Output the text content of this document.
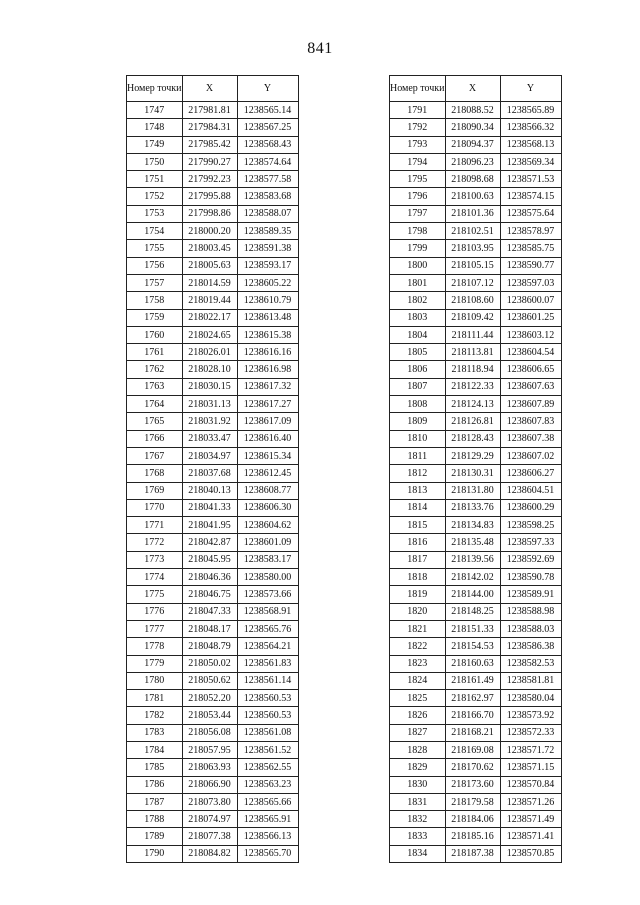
841
Номер точки	X	Y
1747	217981.81	1238565.14
1748	217984.31	1238567.25
1749	217985.42	1238568.43
1750	217990.27	1238574.64
1751	217992.23	1238577.58
1752	217995.88	1238583.68
1753	217998.86	1238588.07
1754	218000.20	1238589.35
1755	218003.45	1238591.38
1756	218005.63	1238593.17
1757	218014.59	1238605.22
1758	218019.44	1238610.79
1759	218022.17	1238613.48
1760	218024.65	1238615.38
1761	218026.01	1238616.16
1762	218028.10	1238616.98
1763	218030.15	1238617.32
1764	218031.13	1238617.27
1765	218031.92	1238617.09
1766	218033.47	1238616.40
1767	218034.97	1238615.34
1768	218037.68	1238612.45
1769	218040.13	1238608.77
1770	218041.33	1238606.30
1771	218041.95	1238604.62
1772	218042.87	1238601.09
1773	218045.95	1238583.17
1774	218046.36	1238580.00
1775	218046.75	1238573.66
1776	218047.33	1238568.91
1777	218048.17	1238565.76
1778	218048.79	1238564.21
1779	218050.02	1238561.83
1780	218050.62	1238561.14
1781	218052.20	1238560.53
1782	218053.44	1238560.53
1783	218056.08	1238561.08
1784	218057.95	1238561.52
1785	218063.93	1238562.55
1786	218066.90	1238563.23
1787	218073.80	1238565.66
1788	218074.97	1238565.91
1789	218077.38	1238566.13
1790	218084.82	1238565.70
Номер точки	X	Y
1791	218088.52	1238565.89
1792	218090.34	1238566.32
1793	218094.37	1238568.13
1794	218096.23	1238569.34
1795	218098.68	1238571.53
1796	218100.63	1238574.15
1797	218101.36	1238575.64
1798	218102.51	1238578.97
1799	218103.95	1238585.75
1800	218105.15	1238590.77
1801	218107.12	1238597.03
1802	218108.60	1238600.07
1803	218109.42	1238601.25
1804	218111.44	1238603.12
1805	218113.81	1238604.54
1806	218118.94	1238606.65
1807	218122.33	1238607.63
1808	218124.13	1238607.89
1809	218126.81	1238607.83
1810	218128.43	1238607.38
1811	218129.29	1238607.02
1812	218130.31	1238606.27
1813	218131.80	1238604.51
1814	218133.76	1238600.29
1815	218134.83	1238598.25
1816	218135.48	1238597.33
1817	218139.56	1238592.69
1818	218142.02	1238590.78
1819	218144.00	1238589.91
1820	218148.25	1238588.98
1821	218151.33	1238588.03
1822	218154.53	1238586.38
1823	218160.63	1238582.53
1824	218161.49	1238581.81
1825	218162.97	1238580.04
1826	218166.70	1238573.92
1827	218168.21	1238572.33
1828	218169.08	1238571.72
1829	218170.62	1238571.15
1830	218173.60	1238570.84
1831	218179.58	1238571.26
1832	218184.06	1238571.49
1833	218185.16	1238571.41
1834	218187.38	1238570.85
